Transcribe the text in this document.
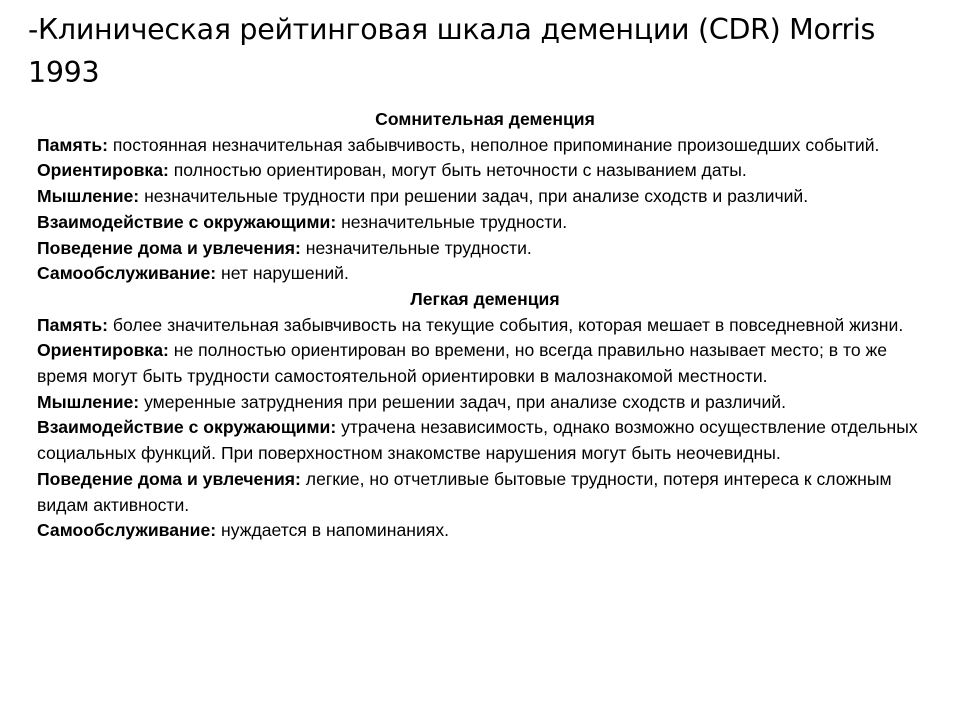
-Клиническая рейтинговая шкала деменции (CDR) Morris 1993

Сомнительная деменция

Память: постоянная незначительная забывчивость, неполное припоминание произошедших событий.

Ориентировка: полностью ориентирован, могут быть неточности с называнием даты.

Мышление: незначительные трудности при решении задач, при анализе сходств и различий.

Взаимодействие с окружающими: незначительные трудности.

Поведение дома и увлечения: незначительные трудности.

Самообслуживание: нет нарушений.

Легкая деменция

Память: более значительная забывчивость на текущие события, которая мешает в повседневной жизни.

Ориентировка: не полностью ориентирован во времени, но всегда правильно называет место; в то же время могут быть трудности самостоятельной ориентировки в малознакомой местности.

Мышление: умеренные затруднения при решении задач, при анализе сходств и различий.

Взаимодействие с окружающими: утрачена независимость, однако возможно осуществление отдельных социальных функций. При поверхностном знакомстве нарушения могут быть неочевидны.

Поведение дома и увлечения: легкие, но отчетливые бытовые трудности, потеря интереса к сложным видам активности.

Самообслуживание: нуждается в напоминаниях.
